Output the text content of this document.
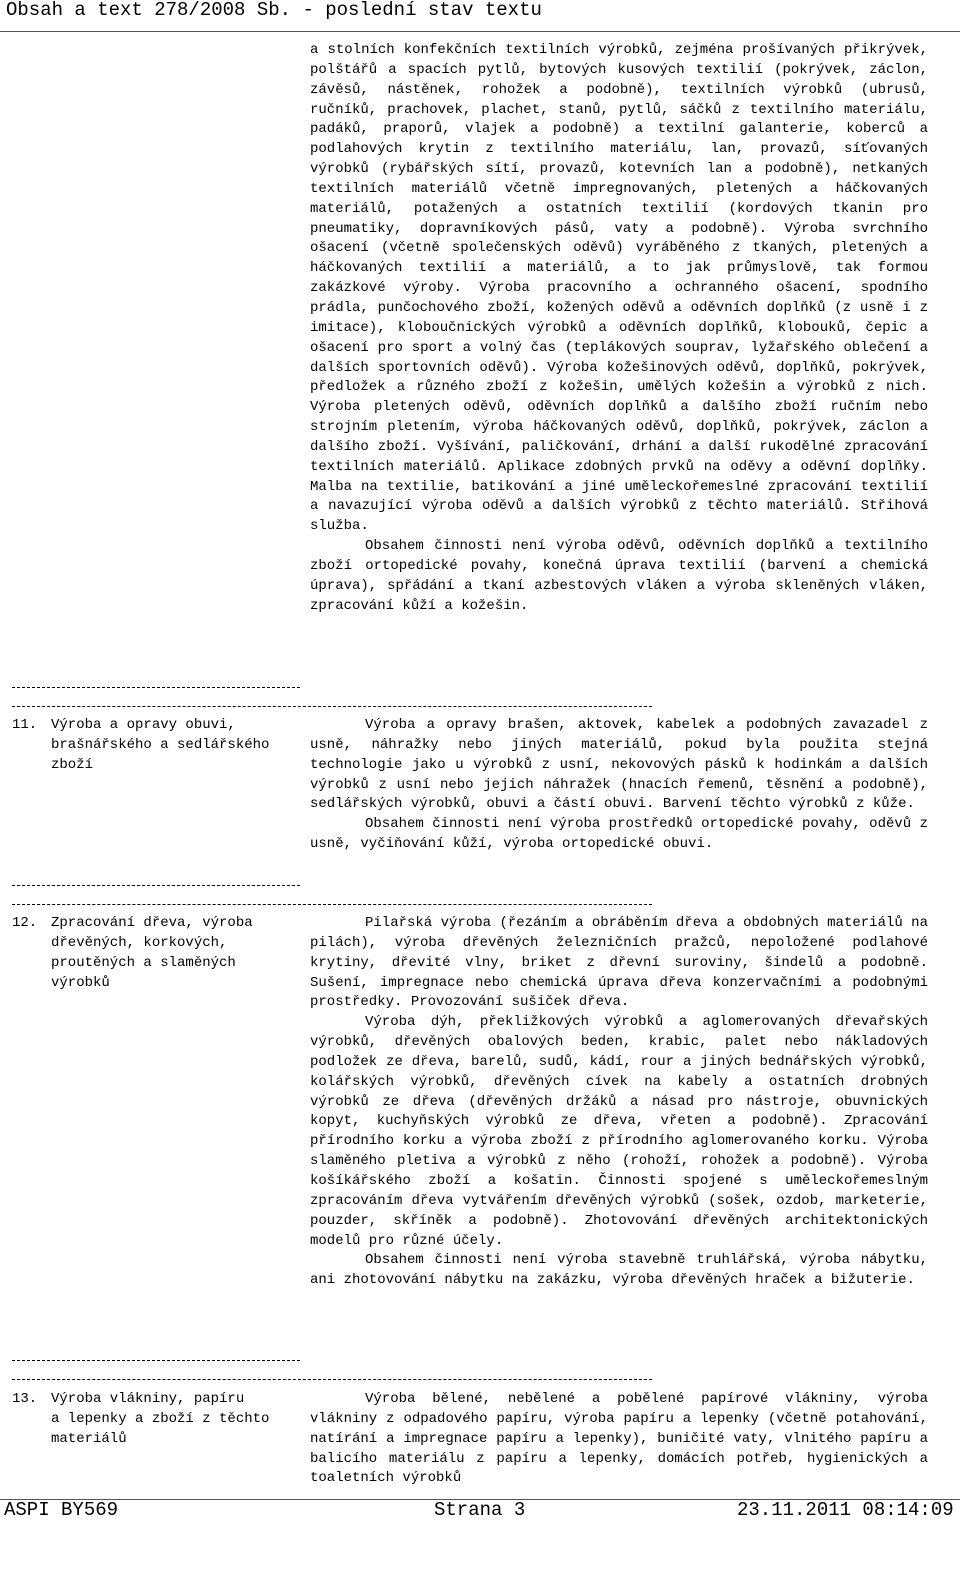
Obsah a text 278/2008 Sb. - poslední stav textu

a stolních konfekčních textilních výrobků, zejména prošívaných přikrývek, polštářů a spacích pytlů, bytových kusových textilií (pokrývek, záclon, závěsů, nástěnek, rohožek a podobně), textilních výrobků (ubrusů, ručníků, prachovek, plachet, stanů, pytlů, sáčků z textilního materiálu, padáků, praporů, vlajek a podobně) a textilní galanterie, koberců a podlahových krytin z textilního materiálu, lan, provazů, síťovaných výrobků (rybářských sítí, provazů, kotevních lan a podobně), netkaných textilních materiálů včetně impregnovaných, pletených a háčkovaných materiálů, potažených a ostatních textilií (kordových tkanin pro pneumatiky, dopravníkových pásů, vaty a podobně). Výroba svrchního ošacení (včetně společenských oděvů) vyráběného z tkaných, pletených a háčkovaných textilií a materiálů, a to jak průmyslově, tak formou zakázkové výroby. Výroba pracovního a ochranného ošacení, spodního prádla, punčochového zboží, kožených oděvů a oděvních doplňků (z usně i z imitace), kloboučnických výrobků a oděvních doplňků, klobouků, čepic a ošacení pro sport a volný čas (teplákových souprav, lyžařského oblečení a dalších sportovních oděvů). Výroba kožešinových oděvů, doplňků, pokrývek, předložek a různého zboží z kožešin, umělých kožešin a výrobků z nich. Výroba pletených oděvů, oděvních doplňků a dalšího zboží ručním nebo strojním pletením, výroba háčkovaných oděvů, doplňků, pokrývek, záclon a dalšího zboží. Vyšívání, paličkování, drhání a další rukodělné zpracování textilních materiálů. Aplikace zdobných prvků na oděvy a oděvní doplňky. Malba na textilie, batikování a jiné uměleckořemeslné zpracování textilií a navazující výroba oděvů a dalších výrobků z těchto materiálů. Střihová služba.

Obsahem činnosti není výroba oděvů, oděvních doplňků a textilního zboží ortopedické povahy, konečná úprava textilií (barvení a chemická úprava), spřádání a tkaní azbestových vláken a výroba skleněných vláken, zpracování kůží a kožešin.

11. Výroba a opravy obuvi,
brašnářského a sedlářského
zboží

Výroba a opravy brašen, aktovek, kabelek a podobných zavazadel z usně, náhražky nebo jiných materiálů, pokud byla použita stejná technologie jako u výrobků z usní, nekovových pásků k hodinkám a dalších výrobků z usní nebo jejich náhražek (hnacích řemenů, těsnění a podobně), sedlářských výrobků, obuvi a částí obuvi. Barvení těchto výrobků z kůže.

Obsahem činnosti není výroba prostředků ortopedické povahy, oděvů z usně, vyčiňování kůží, výroba ortopedické obuvi.

12. Zpracování dřeva, výroba
dřevěných, korkových,
proutěných a slaměných
výrobků

Pilařská výroba (řezáním a obráběním dřeva a obdobných materiálů na pilách), výroba dřevěných železničních pražců, nepoložené podlahové krytiny, dřevité vlny, briket z dřevní suroviny, šindelů a podobně. Sušení, impregnace nebo chemická úprava dřeva konzervačními a podobnými prostředky. Provozování sušiček dřeva.

Výroba dýh, překližkových výrobků a aglomerovaných dřevařských výrobků, dřevěných obalových beden, krabic, palet nebo nákladových podložek ze dřeva, barelů, sudů, kádí, rour a jiných bednářských výrobků, kolářských výrobků, dřevěných cívek na kabely a ostatních drobných výrobků ze dřeva (dřevěných držáků a násad pro nástroje, obuvnických kopyt, kuchyňských výrobků ze dřeva, vřeten a podobně). Zpracování přírodního korku a výroba zboží z přírodního aglomerovaného korku. Výroba slaměného pletiva a výrobků z něho (rohoží, rohožek a podobně). Výroba košíkářského zboží a košatin. Činnosti spojené s uměleckořemeslným zpracováním dřeva vytvářením dřevěných výrobků (sošek, ozdob, marketerie, pouzder, skříněk a podobně). Zhotovování dřevěných architektonických modelů pro různé účely.

Obsahem činnosti není výroba stavebně truhlářská, výroba nábytku, ani zhotovování nábytku na zakázku, výroba dřevěných hraček a bižuterie.

13. Výroba vlákniny, papíru
a lepenky a zboží z těchto
materiálů

Výroba bělené, nebělené a pobělené papírové vlákniny, výroba vlákniny z odpadového papíru, výroba papíru a lepenky (včetně potahování, natírání a impregnace papíru a lepenky), buničité vaty, vlnitého papíru a balicího materiálu z papíru a lepenky, domácích potřeb, hygienických a toaletních výrobků

ASPI BY569

	Strana 3

	23.11.2011 08:14:09
